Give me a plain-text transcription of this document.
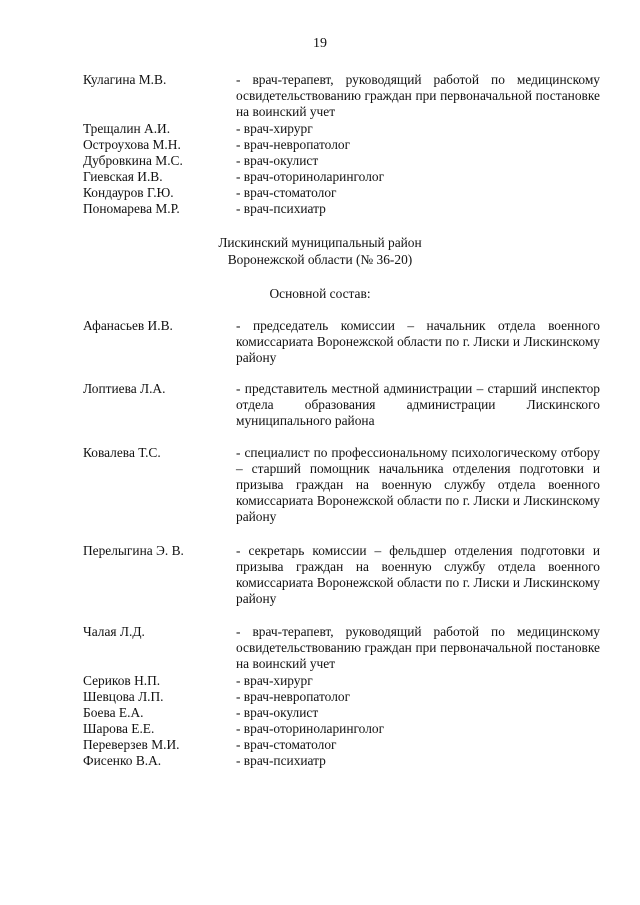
19
Кулагина М.В.	- врач-терапевт, руководящий работой по медицинскому освидетельствованию граждан при первоначальной постановке на воинский учет
Трещалин А.И.	- врач-хирург
Остроухова М.Н.	- врач-невропатолог
Дубровкина М.С.	- врач-окулист
Гиевская И.В.	- врач-оториноларинголог
Кондауров Г.Ю.	- врач-стоматолог
Пономарева М.Р.	- врач-психиатр
Лискинский муниципальный район
Воронежской области (№ 36-20)
Основной состав:
Афанасьев И.В.	- председатель комиссии – начальник отдела военного комиссариата Воронежской области по г. Лиски и Лискинскому району
Лоптиева Л.А.	- представитель местной администрации – старший инспектор отдела образования администрации Лискинского муниципального района
Ковалева Т.С.	- специалист по профессиональному психологическому отбору – старший помощник начальника отделения подготовки и призыва граждан на военную службу отдела военного комиссариата Воронежской области по г. Лиски и Лискинскому району
Перелыгина Э. В.	- секретарь комиссии – фельдшер отделения подготовки и призыва граждан на военную службу отдела военного комиссариата Воронежской области по г. Лиски и Лискинскому району
Чалая Л.Д.	- врач-терапевт, руководящий работой по медицинскому освидетельствованию граждан при первоначальной постановке на воинский учет
Сериков Н.П.	- врач-хирург
Шевцова Л.П.	- врач-невропатолог
Боева Е.А.	- врач-окулист
Шарова Е.Е.	- врач-оториноларинголог
Переверзев М.И.	- врач-стоматолог
Фисенко В.А.	- врач-психиатр
